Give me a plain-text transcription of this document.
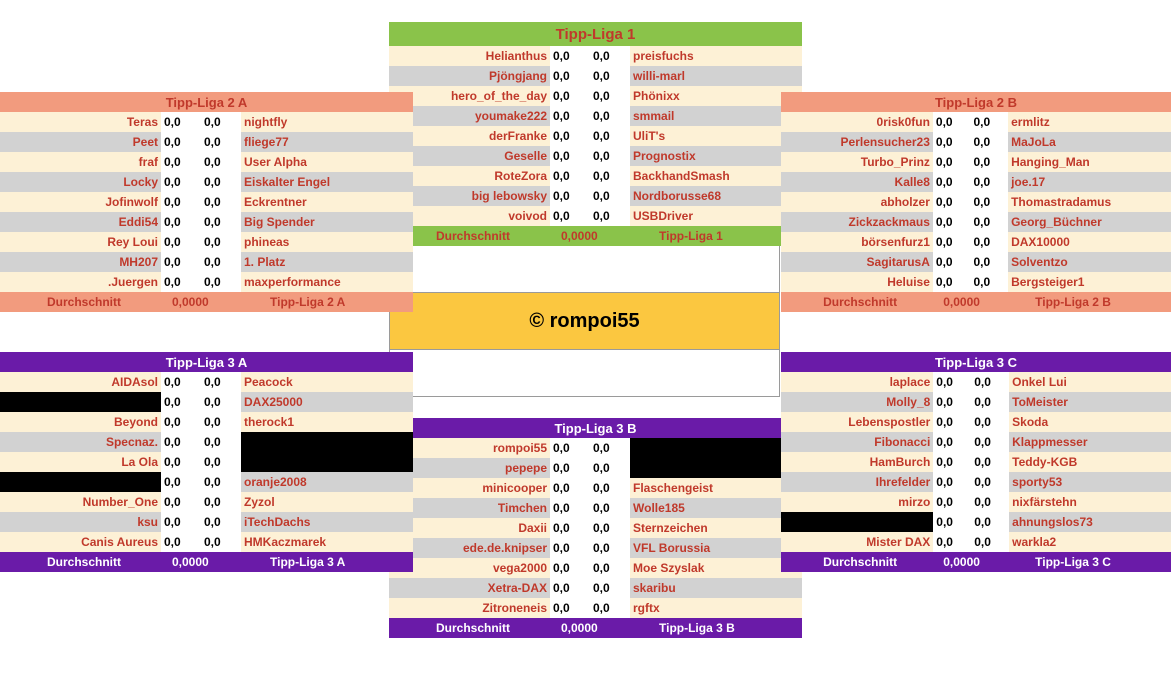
Tipp-Liga 1			
Helianthus	0,0	0,0	preisfuchs
Pjöngjang	0,0	0,0	willi-marl
hero_of_the_day	0,0	0,0	Phönixx
youmake222	0,0	0,0	smmail
derFranke	0,0	0,0	UliT's
Geselle	0,0	0,0	Prognostix
RoteZora	0,0	0,0	BackhandSmash
big lebowsky	0,0	0,0	Nordborusse68
voivod	0,0	0,0	USBDriver
Durchschnitt	0,0000	Tipp-Liga 1
© rompoi55
Tipp-Liga 3 B			
rompoi55	0,0	0,0	
pepepe	0,0	0,0	
minicooper	0,0	0,0	Flaschengeist
Timchen	0,0	0,0	Wolle185
Daxii	0,0	0,0	Sternzeichen
ede.de.knipser	0,0	0,0	VFL Borussia
vega2000	0,0	0,0	Moe Szyslak
Xetra-DAX	0,0	0,0	skaribu
Zitroneneis	0,0	0,0	rgftx
Durchschnitt	0,0000	Tipp-Liga 3 B
Tipp-Liga 2 A			
Teras	0,0	0,0	nightfly
Peet	0,0	0,0	fliege77
fraf	0,0	0,0	User Alpha
Locky	0,0	0,0	Eiskalter Engel
Jofinwolf	0,0	0,0	Eckrentner
Eddi54	0,0	0,0	Big Spender
Rey Loui	0,0	0,0	phineas
MH207	0,0	0,0	1. Platz
.Juergen	0,0	0,0	maxperformance
Durchschnitt	0,0000	Tipp-Liga 2 A
Tipp-Liga 3 A			
AIDAsol	0,0	0,0	Peacock
	0,0	0,0	DAX25000
Beyond	0,0	0,0	therock1
Specnaz.	0,0	0,0	
La Ola	0,0	0,0	
	0,0	0,0	oranje2008
Number_One	0,0	0,0	Zyzol
ksu	0,0	0,0	iTechDachs
Canis Aureus	0,0	0,0	HMKaczmarek
Durchschnitt	0,0000	Tipp-Liga 3 A
Tipp-Liga 2 B			
0risk0fun	0,0	0,0	ermlitz
Perlensucher23	0,0	0,0	MaJoLa
Turbo_Prinz	0,0	0,0	Hanging_Man
Kalle8	0,0	0,0	joe.17
abholzer	0,0	0,0	Thomastradamus
Zickzackmaus	0,0	0,0	Georg_Büchner
börsenfurz1	0,0	0,0	DAX10000
SagitarusA	0,0	0,0	Solventzo
Heluise	0,0	0,0	Bergsteiger1
Durchschnitt	0,0000	Tipp-Liga 2 B
Tipp-Liga 3 C			
laplace	0,0	0,0	Onkel Lui
Molly_8	0,0	0,0	ToMeister
Lebenspostler	0,0	0,0	Skoda
Fibonacci	0,0	0,0	Klappmesser
HamBurch	0,0	0,0	Teddy-KGB
Ihrefelder	0,0	0,0	sporty53
mirzo	0,0	0,0	nixfärstehn
	0,0	0,0	ahnungslos73
Mister DAX	0,0	0,0	warkla2
Durchschnitt	0,0000	Tipp-Liga 3 C
